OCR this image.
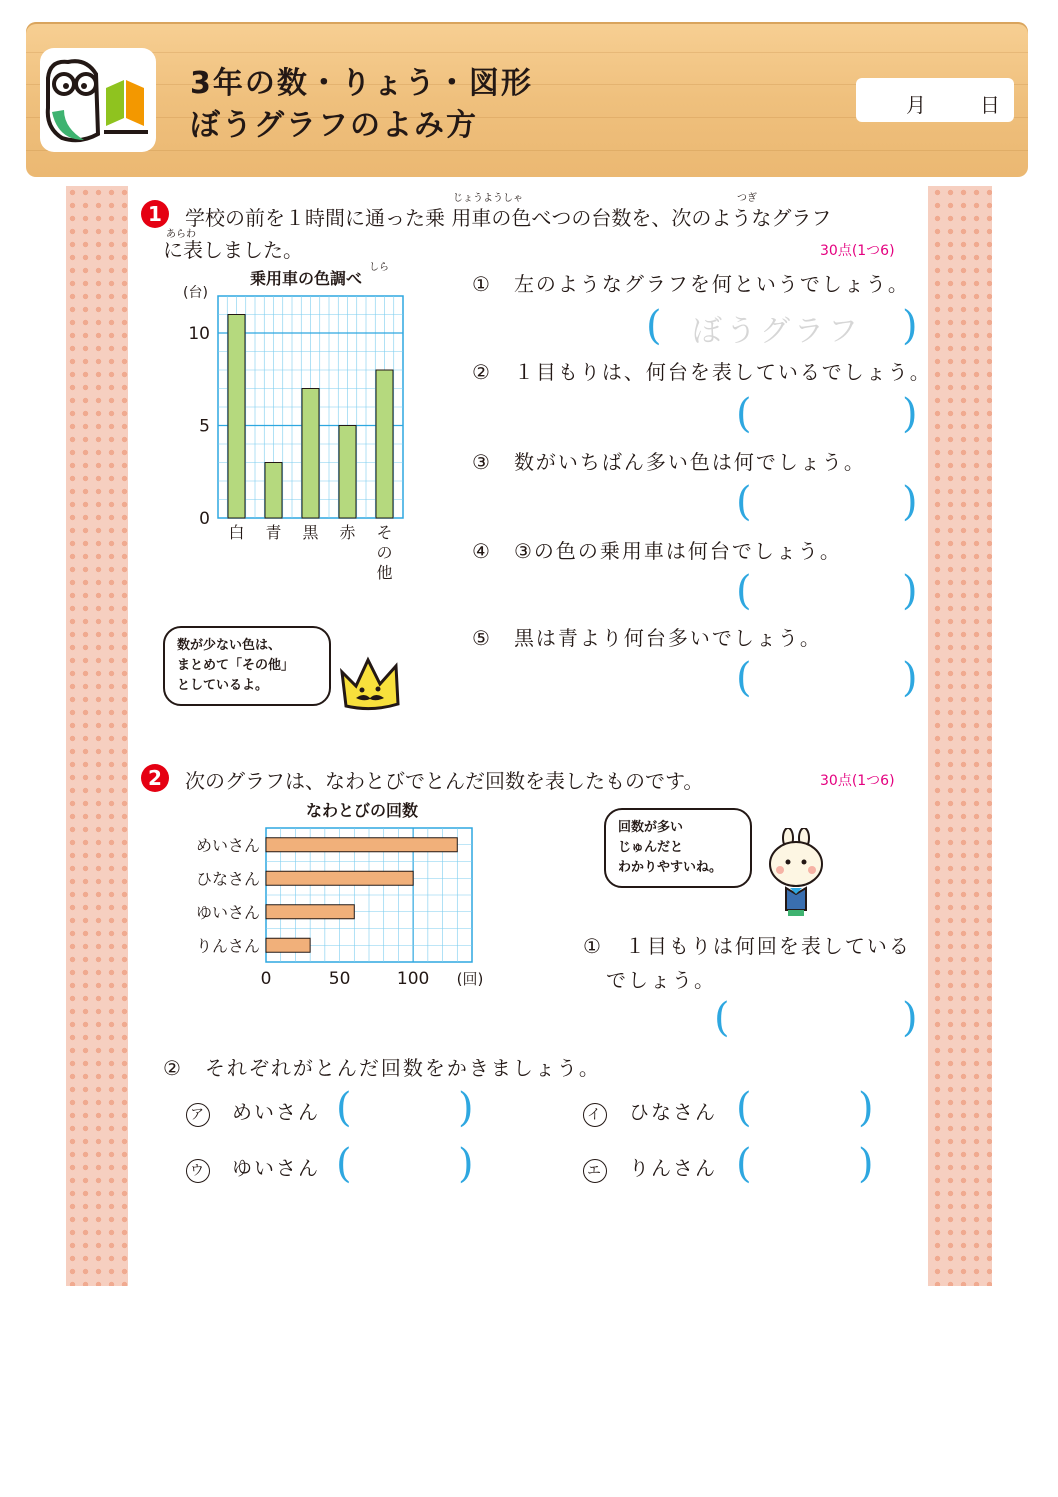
3年の数・りょう・図形
ぼうグラフのよみ方
月	日
1
じょうようしゃ	つぎ
学校の前を１時間に通った乗 用車の色べつの台数を、次のようなグラフ
あらわ
に表しました。	30点(1つ6)
しら
乗用車の色調べ
(台)
0
5
10
白 青 黒 赤 そ
の
他
①　 左のようなグラフを何というでしょう。
( ぼうグラフ )
②　 １目もりは、何台を表しているでしょう。
(	)
③　 数がいちばん多い色は何でしょう。
(	)
④　 ③の色の乗用車は何台でしょう。
(	)
⑤　 黒は青より何台多いでしょう。
(	)
数が少ない色は、
まとめて「その他」
としているよ。
2	次のグラフは、なわとびでとんだ回数を表したものです。	30点(1つ6)
なわとびの回数
めいさん
ひなさん
ゆいさん
りんさん
0	50	100 (回)
回数が多い
じゅんだと
わかりやすいね。
①　 １目もりは何回を表している
でしょう。
(	)
②　 それぞれがとんだ回数をかきましょう。
ア　 めいさん (	)	イ　 ひなさん (	)
ウ　 ゆいさん (	)	エ　 りんさん (	)
